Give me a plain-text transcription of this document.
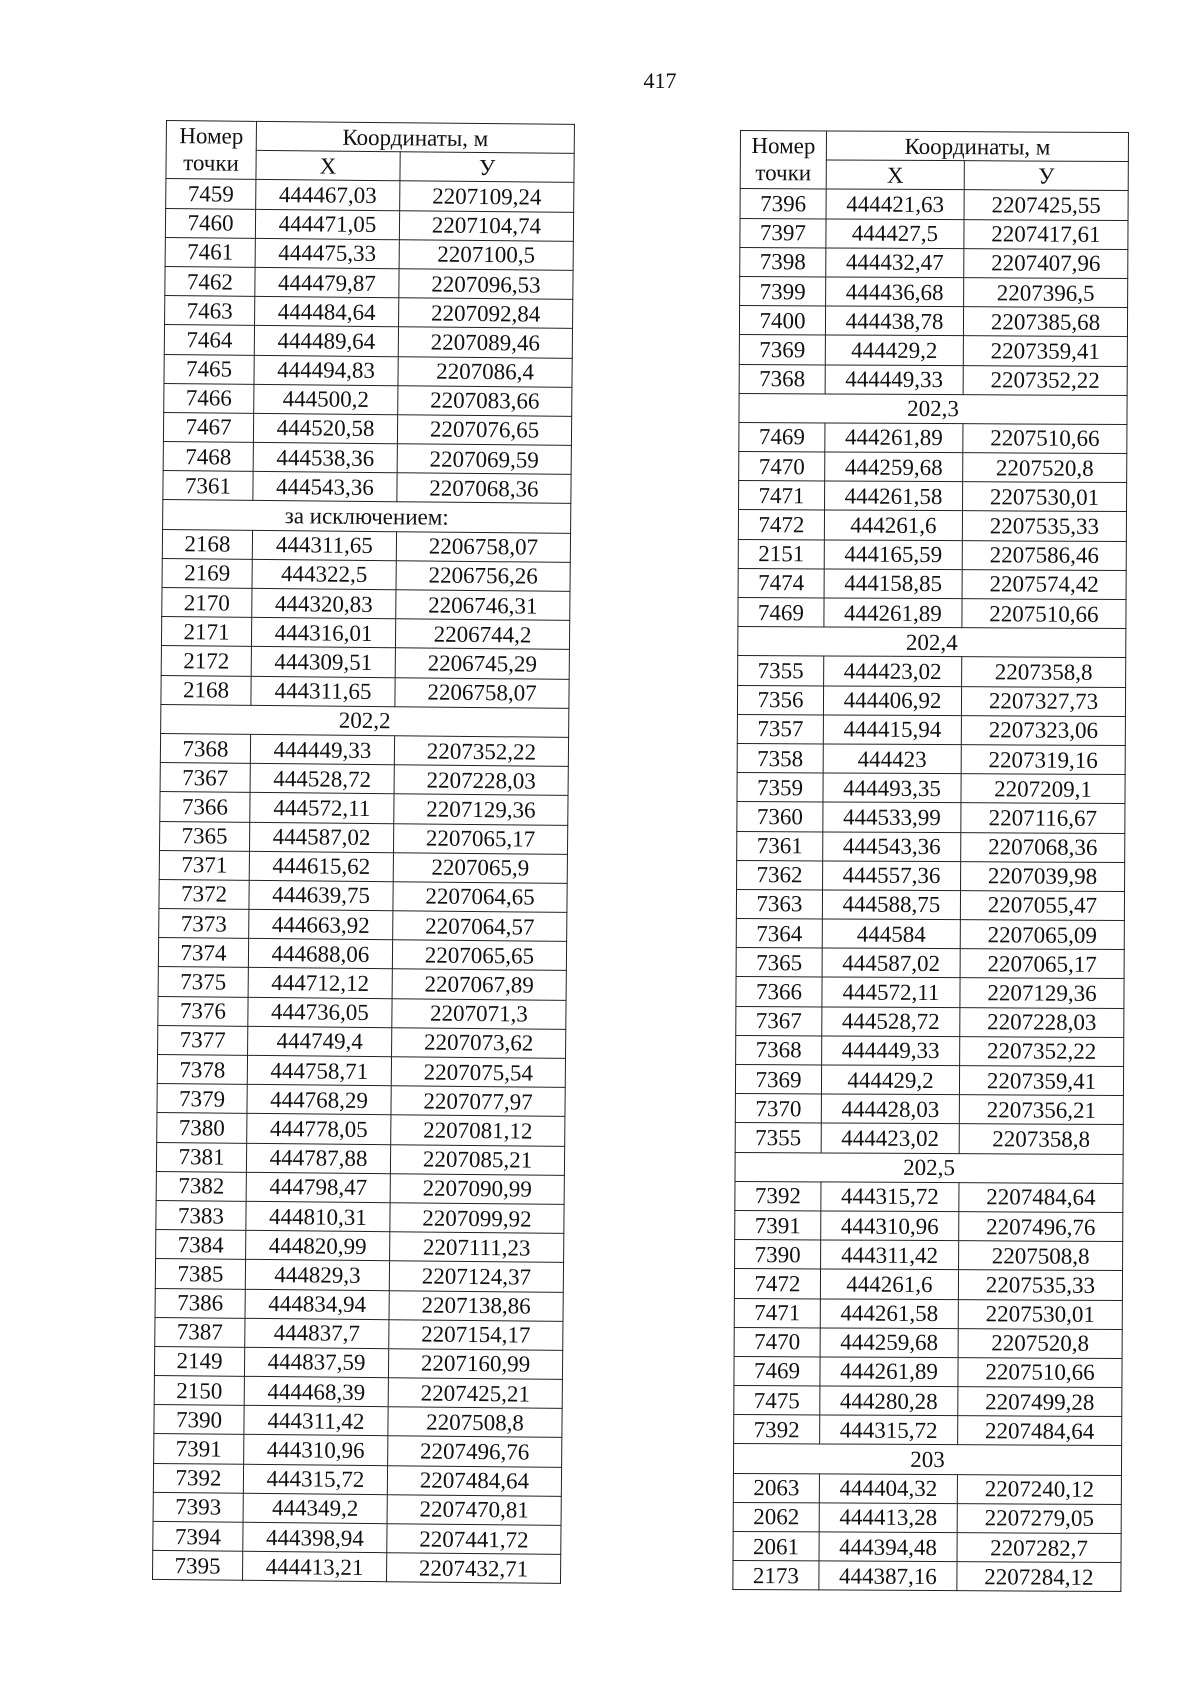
417
Номер точки	Координаты, м	
	Х	У
7459	444467,03	2207109,24
7460	444471,05	2207104,74
7461	444475,33	2207100,5
7462	444479,87	2207096,53
7463	444484,64	2207092,84
7464	444489,64	2207089,46
7465	444494,83	2207086,4
7466	444500,2	2207083,66
7467	444520,58	2207076,65
7468	444538,36	2207069,59
7361	444543,36	2207068,36
за исключением:		
2168	444311,65	2206758,07
2169	444322,5	2206756,26
2170	444320,83	2206746,31
2171	444316,01	2206744,2
2172	444309,51	2206745,29
2168	444311,65	2206758,07
202,2		
7368	444449,33	2207352,22
7367	444528,72	2207228,03
7366	444572,11	2207129,36
7365	444587,02	2207065,17
7371	444615,62	2207065,9
7372	444639,75	2207064,65
7373	444663,92	2207064,57
7374	444688,06	2207065,65
7375	444712,12	2207067,89
7376	444736,05	2207071,3
7377	444749,4	2207073,62
7378	444758,71	2207075,54
7379	444768,29	2207077,97
7380	444778,05	2207081,12
7381	444787,88	2207085,21
7382	444798,47	2207090,99
7383	444810,31	2207099,92
7384	444820,99	2207111,23
7385	444829,3	2207124,37
7386	444834,94	2207138,86
7387	444837,7	2207154,17
2149	444837,59	2207160,99
2150	444468,39	2207425,21
7390	444311,42	2207508,8
7391	444310,96	2207496,76
7392	444315,72	2207484,64
7393	444349,2	2207470,81
7394	444398,94	2207441,72
7395	444413,21	2207432,71
Номер точки	Координаты, м	
	Х	У
7396	444421,63	2207425,55
7397	444427,5	2207417,61
7398	444432,47	2207407,96
7399	444436,68	2207396,5
7400	444438,78	2207385,68
7369	444429,2	2207359,41
7368	444449,33	2207352,22
202,3		
7469	444261,89	2207510,66
7470	444259,68	2207520,8
7471	444261,58	2207530,01
7472	444261,6	2207535,33
2151	444165,59	2207586,46
7474	444158,85	2207574,42
7469	444261,89	2207510,66
202,4		
7355	444423,02	2207358,8
7356	444406,92	2207327,73
7357	444415,94	2207323,06
7358	444423	2207319,16
7359	444493,35	2207209,1
7360	444533,99	2207116,67
7361	444543,36	2207068,36
7362	444557,36	2207039,98
7363	444588,75	2207055,47
7364	444584	2207065,09
7365	444587,02	2207065,17
7366	444572,11	2207129,36
7367	444528,72	2207228,03
7368	444449,33	2207352,22
7369	444429,2	2207359,41
7370	444428,03	2207356,21
7355	444423,02	2207358,8
202,5		
7392	444315,72	2207484,64
7391	444310,96	2207496,76
7390	444311,42	2207508,8
7472	444261,6	2207535,33
7471	444261,58	2207530,01
7470	444259,68	2207520,8
7469	444261,89	2207510,66
7475	444280,28	2207499,28
7392	444315,72	2207484,64
203		
2063	444404,32	2207240,12
2062	444413,28	2207279,05
2061	444394,48	2207282,7
2173	444387,16	2207284,12
